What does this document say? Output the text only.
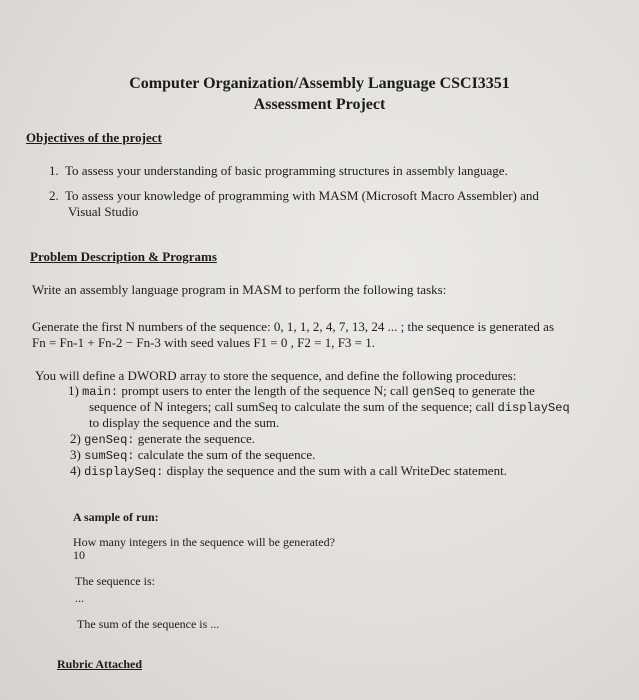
Computer Organization/Assembly Language CSCI3351
Assessment Project
Objectives of the project
1. To assess your understanding of basic programming structures in assembly language.
2. To assess your knowledge of programming with MASM (Microsoft Macro Assembler) and
Visual Studio
Problem Description & Programs
Write an assembly language program in MASM to perform the following tasks:
Generate the first N numbers of the sequence: 0, 1, 1, 2, 4, 7, 13, 24 ... ; the sequence is generated as
Fn = Fn-1 + Fn-2 − Fn-3 with seed values F1 = 0 , F2 = 1, F3 = 1.
You will define a DWORD array to store the sequence, and define the following procedures:
1) main: prompt users to enter the length of the sequence N; call genSeq to generate the
sequence of N integers; call sumSeq to calculate the sum of the sequence; call displaySeq
to display the sequence and the sum.
2) genSeq: generate the sequence.
3) sumSeq: calculate the sum of the sequence.
4) displaySeq: display the sequence and the sum with a call WriteDec statement.
A sample of run:
How many integers in the sequence will be generated?
10
The sequence is:
...
The sum of the sequence is ...
Rubric Attached
